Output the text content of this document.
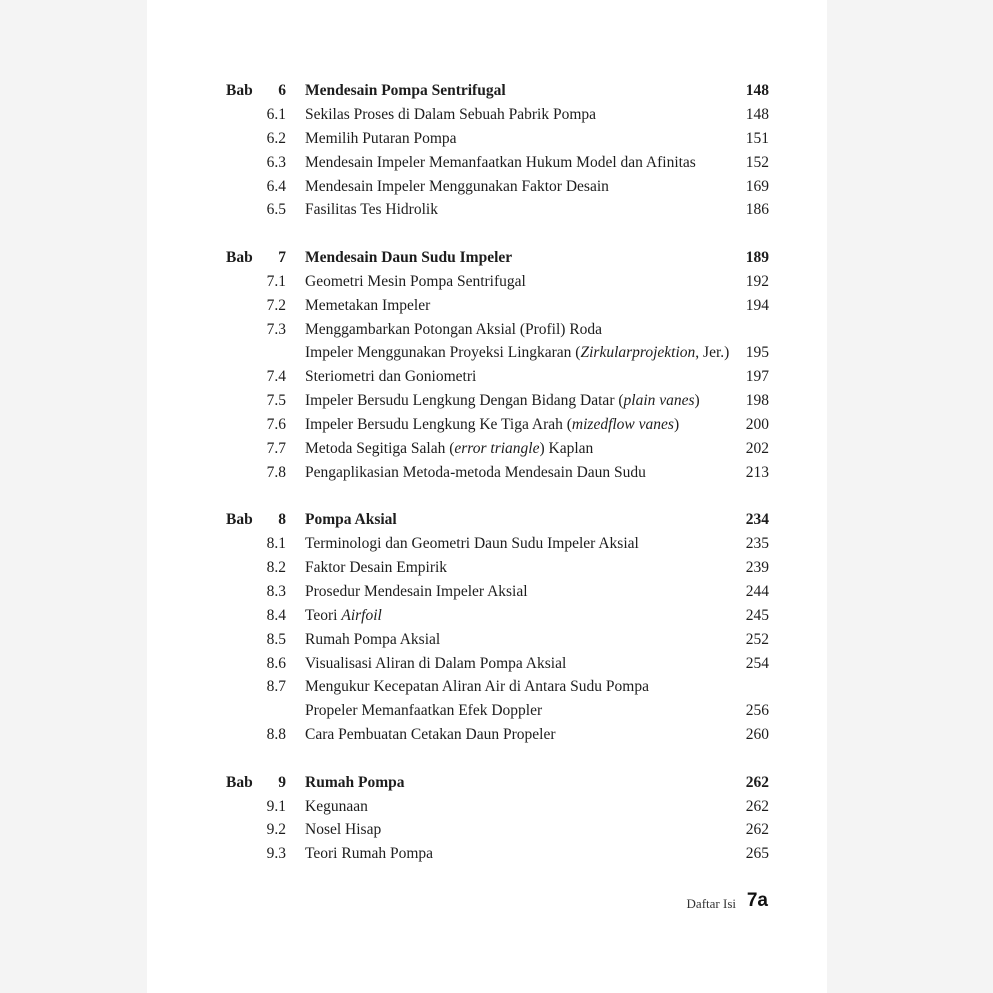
Bab	6 Mendesain Pompa Sentrifugal	148
6.1 Sekilas Proses di Dalam Sebuah Pabrik Pompa	148
6.2 Memilih Putaran Pompa	151
6.3 Mendesain Impeler Memanfaatkan Hukum Model dan Afinitas	152
6.4 Mendesain Impeler Menggunakan Faktor Desain	169
6.5 Fasilitas Tes Hidrolik	186
Bab	7 Mendesain Daun Sudu Impeler	189
7.1 Geometri Mesin Pompa Sentrifugal	192
7.2 Memetakan Impeler	194
7.3 Menggambarkan Potongan Aksial (Profil) Roda
Impeler Menggunakan Proyeksi Lingkaran (Zirkularprojektion, Jer.) 195
7.4 Steriometri dan Goniometri	197
7.5 Impeler Bersudu Lengkung Dengan Bidang Datar (plain vanes)	198
7.6 Impeler Bersudu Lengkung Ke Tiga Arah (mizedflow vanes)	200
7.7 Metoda Segitiga Salah (error triangle) Kaplan	202
7.8 Pengaplikasian Metoda-metoda Mendesain Daun Sudu	213
Bab	8 Pompa Aksial	234
8.1 Terminologi dan Geometri Daun Sudu Impeler Aksial	235
8.2 Faktor Desain Empirik	239
8.3 Prosedur Mendesain Impeler Aksial	244
8.4 Teori Airfoil	245
8.5 Rumah Pompa Aksial	252
8.6 Visualisasi Aliran di Dalam Pompa Aksial	254
8.7 Mengukur Kecepatan Aliran Air di Antara Sudu Pompa
Propeler Memanfaatkan Efek Doppler	256
8.8 Cara Pembuatan Cetakan Daun Propeler	260
Bab	9 Rumah Pompa	262
9.1 Kegunaan	262
9.2 Nosel Hisap	262
9.3 Teori Rumah Pompa	265
Daftar Isi 7a
